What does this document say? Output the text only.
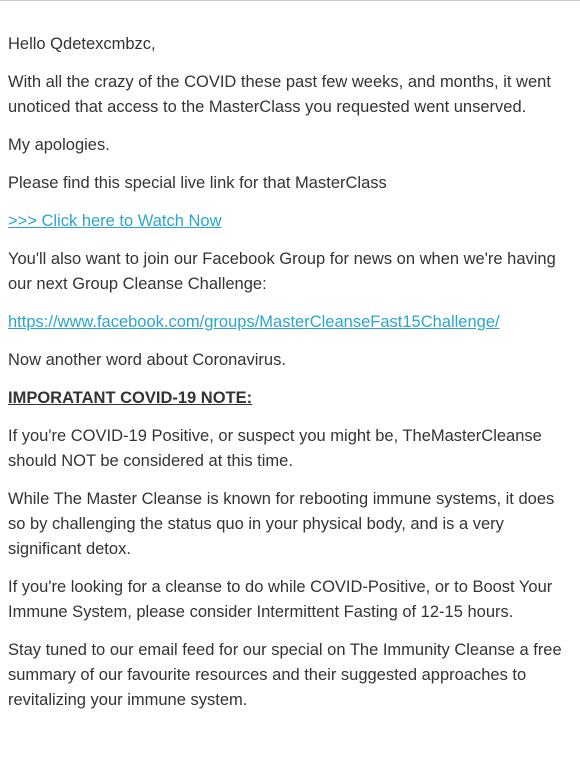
Hello Qdetexcmbzc,

With all the crazy of the COVID these past few weeks, and months, it went unoticed that access to the MasterClass you requested went unserved.

My apologies.

Please find this special live link for that MasterClass

>>> Click here to Watch Now

You'll also want to join our Facebook Group for news on when we're having our next Group Cleanse Challenge:

https://www.facebook.com/groups/MasterCleanseFast15Challenge/

Now another word about Coronavirus.

IMPORATANT COVID-19 NOTE:

If you're COVID-19 Positive, or suspect you might be, TheMasterCleanse should NOT be considered at this time.

While The Master Cleanse is known for rebooting immune systems, it does so by challenging the status quo in your physical body, and is a very significant detox.

If you're looking for a cleanse to do while COVID-Positive, or to Boost Your Immune System, please consider Intermittent Fasting of 12-15 hours.

Stay tuned to our email feed for our special on The Immunity Cleanse a free summary of our favourite resources and their suggested approaches to revitalizing your immune system.
